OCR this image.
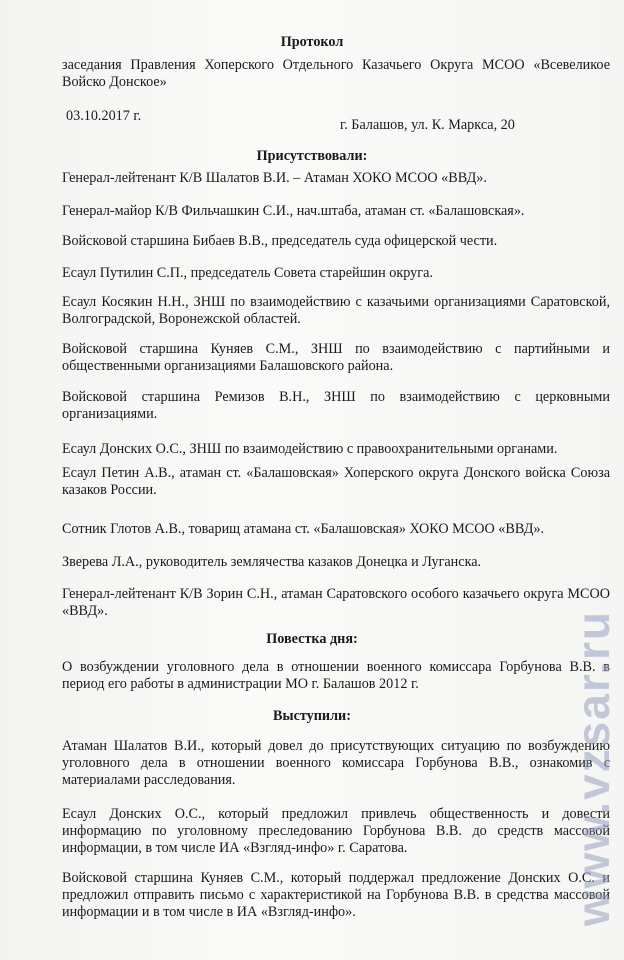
Протокол
заседания Правления Хоперского Отдельного Казачьего Округа МСОО «Всевеликое
Войско Донское»
03.10.2017 г.
г. Балашов, ул. К. Маркса, 20
Присутствовали:
Генерал-лейтенант К/В Шалатов В.И. – Атаман ХОКО МСОО «ВВД».
Генерал-майор К/В Фильчашкин С.И., нач.штаба, атаман ст. «Балашовская».
Войсковой старшина Бибаев В.В., председатель суда офицерской чести.
Есаул Путилин С.П., председатель Совета старейшин округа.
Есаул Косякин Н.Н., ЗНШ по взаимодействию с казачьими организациями Саратовской,
Волгоградской, Воронежской областей.
Войсковой старшина Куняев С.М., ЗНШ по взаимодействию с партийными и
общественными организациями Балашовского района.
Войсковой старшина Ремизов В.Н., ЗНШ по взаимодействию с церковными
организациями.
Есаул Донских О.С., ЗНШ по взаимодействию с правоохранительными органами.
Есаул Петин А.В., атаман ст. «Балашовская» Хоперского округа Донского войска Союза
казаков России.
Сотник Глотов А.В., товарищ атамана ст. «Балашовская» ХОКО МСОО «ВВД».
Зверева Л.А., руководитель землячества казаков Донецка и Луганска.
Генерал-лейтенант К/В Зорин С.Н., атаман Саратовского особого казачьего округа МСОО
«ВВД».
Повестка дня:
О возбуждении уголовного дела в отношении военного комиссара Горбунова В.В. в
период его работы в администрации МО г. Балашов 2012 г.
Выступили:
Атаман Шалатов В.И., который довел до присутствующих ситуацию по возбуждению
уголовного дела в отношении военного комиссара Горбунова В.В., ознакомив с
материалами расследования.
Есаул Донских О.С., который предложил привлечь общественность и довести
информацию по уголовному преследованию Горбунова В.В. до средств массовой
информации, в том числе ИА «Взгляд-инфо» г. Саратова.
Войсковой старшина Куняев С.М., который поддержал предложение Донских О.С. и
предложил отправить письмо с характеристикой на Горбунова В.В. в средства массовой
информации и в том числе в ИА «Взгляд-инфо».	www.vzsar.ru
